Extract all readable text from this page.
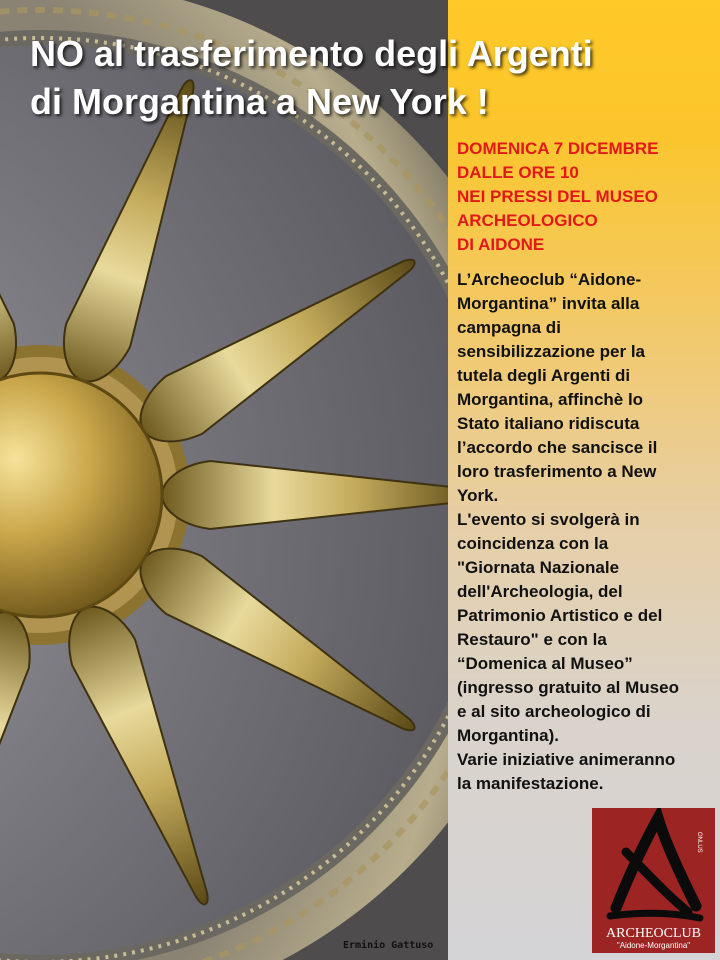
NO al trasferimento degli Argenti
di Morgantina a New York !
DOMENICA 7 DICEMBRE
DALLE ORE 10
NEI PRESSI DEL MUSEO
ARCHEOLOGICO
DI AIDONE
L’Archeoclub “Aidone-
Morgantina” invita alla
campagna di
sensibilizzazione per la
tutela degli Argenti di
Morgantina, affinchè lo
Stato italiano ridiscuta
l’accordo che sancisce il
loro trasferimento a New
York.
L'evento si svolgerà in
coincidenza con la
"Giornata Nazionale
dell'Archeologia, del
Patrimonio Artistico e del
Restauro" e con la
“Domenica al Museo”
(ingresso gratuito al Museo
e al sito archeologico di
Morgantina).
Varie iniziative animeranno
la manifestazione.
ONLUS
ARCHEOCLUB
"Aidone-Morgantina"
Erminio Gattuso
